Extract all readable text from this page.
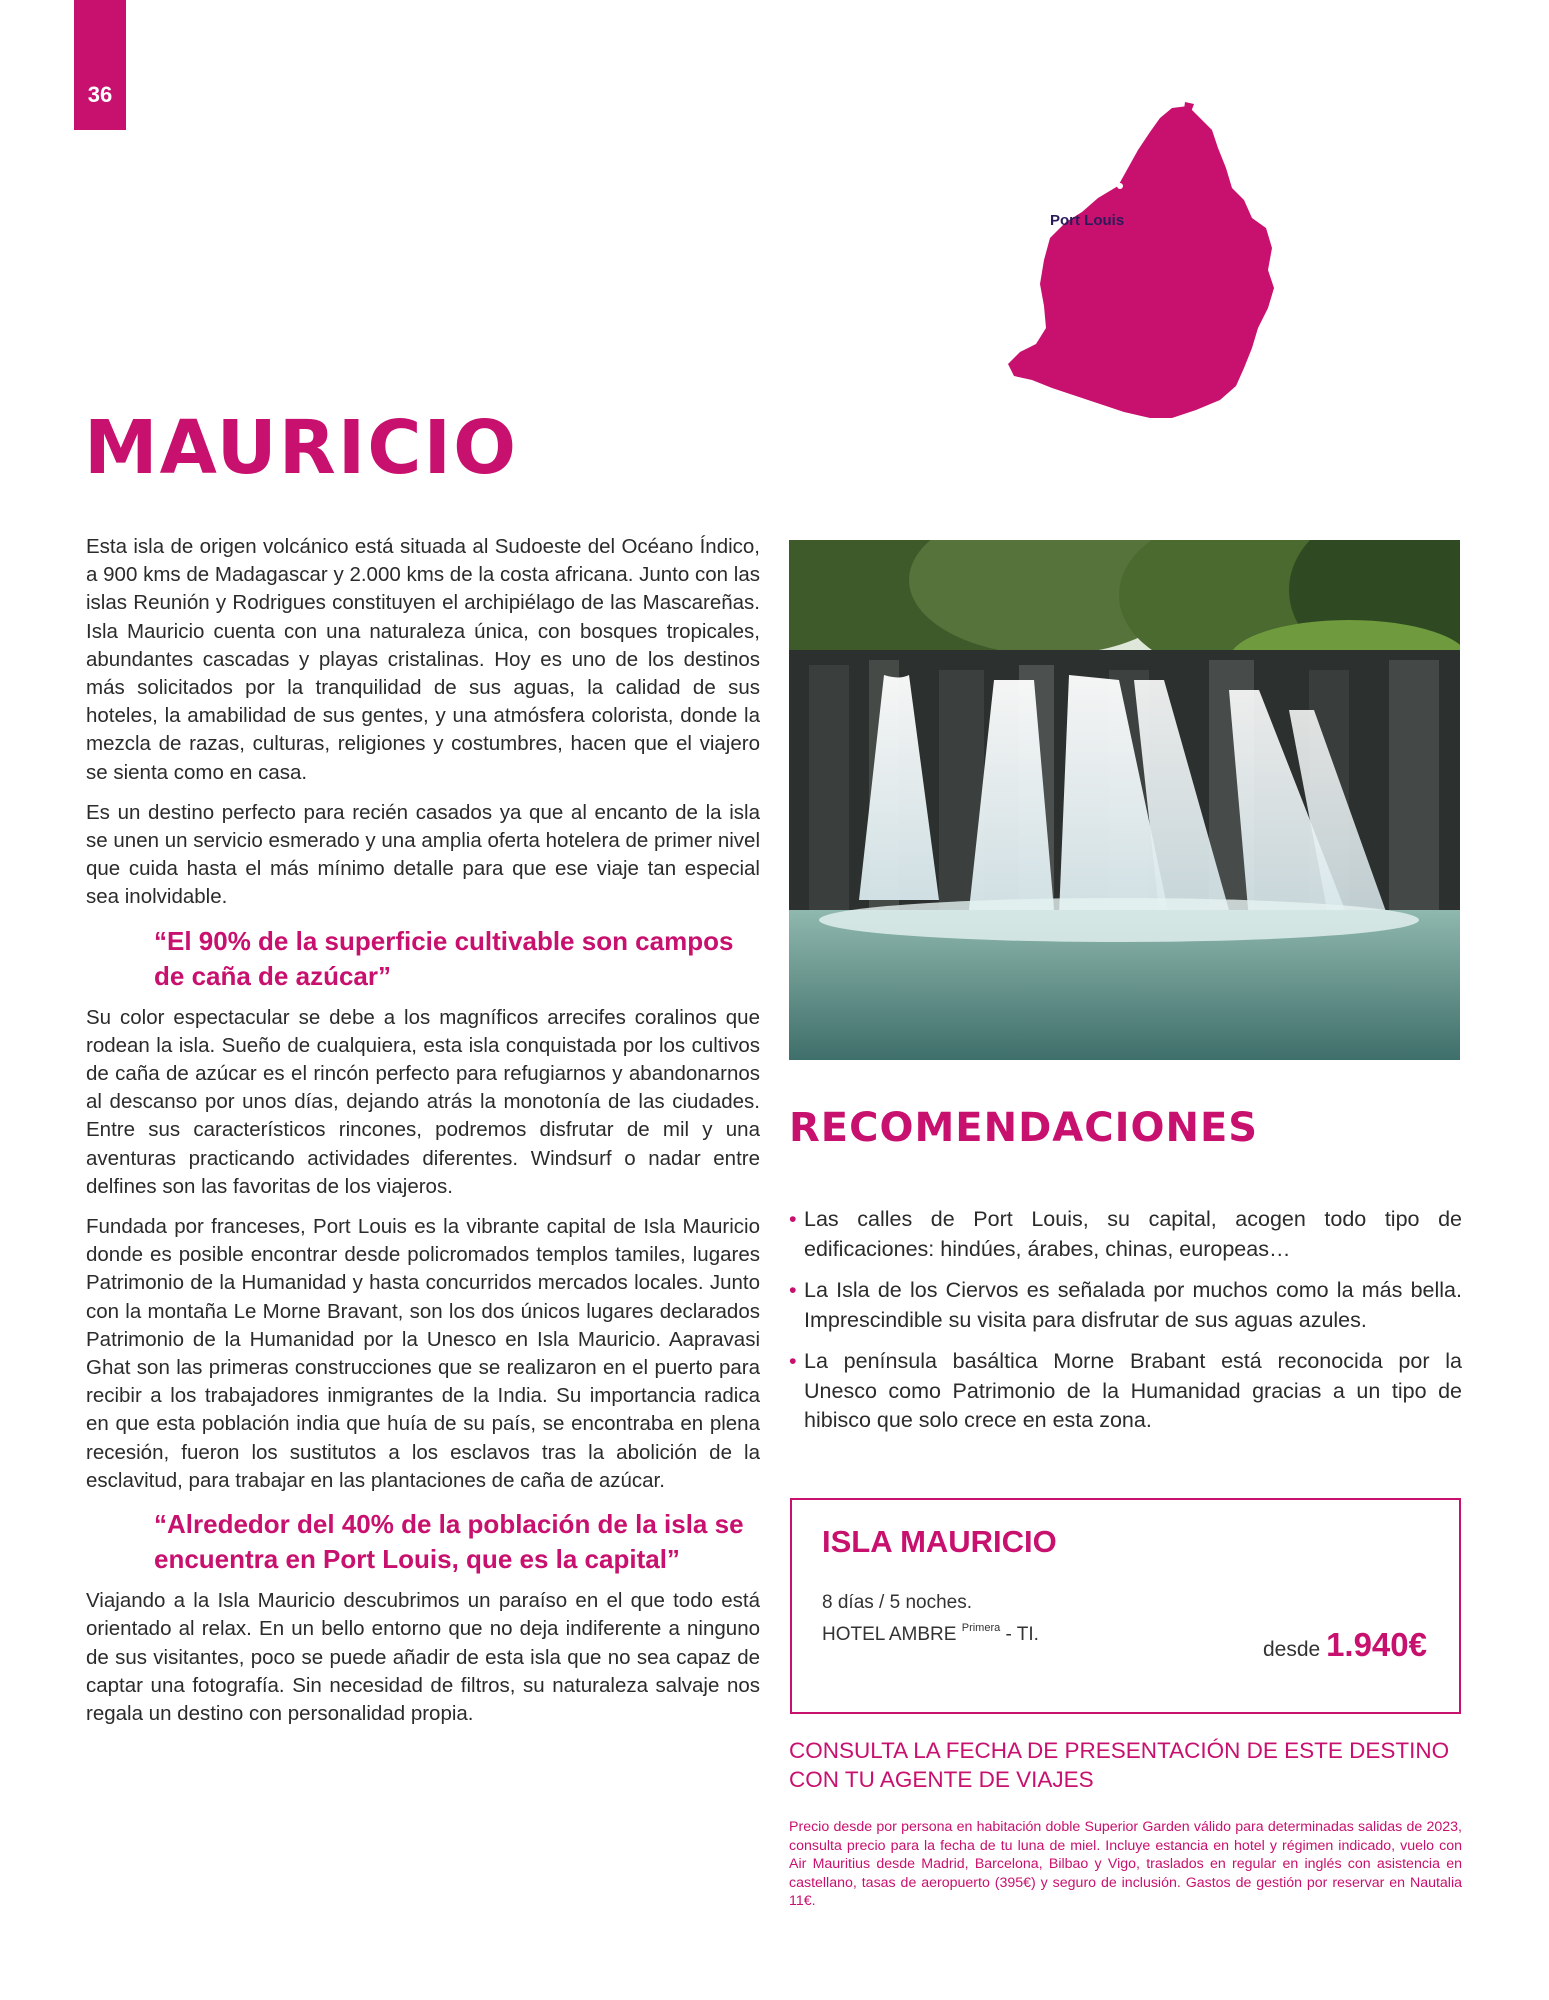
36
Port Louis
MAURICIO

Esta isla de origen volcánico está situada al Sudoeste del Océano Índico, a 900 kms de Madagascar y 2.000 kms de la costa africana. Junto con las islas Reunión y Rodrigues constituyen el archipiélago de las Mascareñas. Isla Mauricio cuenta con una naturaleza única, con bosques tropicales, abundantes cascadas y playas cristalinas. Hoy es uno de los destinos más solicitados por la tranquilidad de sus aguas, la calidad de sus hoteles, la amabilidad de sus gentes, y una atmósfera colorista, donde la mezcla de razas, culturas, religiones y costumbres, hacen que el viajero se sienta como en casa.

Es un destino perfecto para recién casados ya que al encanto de la isla se unen un servicio esmerado y una amplia oferta hotelera de primer nivel que cuida hasta el más mínimo detalle para que ese viaje tan especial sea inolvidable.

“El 90% de la superficie cultivable son campos de caña de azúcar”

Su color espectacular se debe a los magníficos arrecifes coralinos que rodean la isla. Sueño de cualquiera, esta isla conquistada por los cultivos de caña de azúcar es el rincón perfecto para refugiarnos y abandonarnos al descanso por unos días, dejando atrás la monotonía de las ciudades. Entre sus característicos rincones, podremos disfrutar de mil y una aventuras practicando actividades diferentes. Windsurf o nadar entre delfines son las favoritas de los viajeros.

Fundada por franceses, Port Louis es la vibrante capital de Isla Mauricio donde es posible encontrar desde policromados templos tamiles, lugares Patrimonio de la Humanidad y hasta concurridos mercados locales. Junto con la montaña Le Morne Bravant, son los dos únicos lugares declarados Patrimonio de la Humanidad por la Unesco en Isla Mauricio. Aapravasi Ghat son las primeras construcciones que se realizaron en el puerto para recibir a los trabajadores inmigrantes de la India. Su importancia radica en que esta población india que huía de su país, se encontraba en plena recesión, fueron los sustitutos a los esclavos tras la abolición de la esclavitud, para trabajar en las plantaciones de caña de azúcar.

“Alrededor del 40% de la población de la isla se encuentra en Port Louis, que es la capital”

Viajando a la Isla Mauricio descubrimos un paraíso en el que todo está orientado al relax. En un bello entorno que no deja indiferente a ninguno de sus visitantes, poco se puede añadir de esta isla que no sea capaz de captar una fotografía. Sin necesidad de filtros, su naturaleza salvaje nos regala un destino con personalidad propia.

RECOMENDACIONES
• Las calles de Port Louis, su capital, acogen todo tipo de edificaciones: hindúes, árabes, chinas, europeas…
• La Isla de los Ciervos es señalada por muchos como la más bella. Imprescindible su visita para disfrutar de sus aguas azules.
• La península basáltica Morne Brabant está reconocida por la Unesco como Patrimonio de la Humanidad gracias a un tipo de hibisco que solo crece en esta zona.
ISLA MAURICIO
8 días / 5 noches.
HOTEL AMBRE $^{Primera}$ - TI.
desde 1.940€
CONSULTA LA FECHA DE PRESENTACIÓN DE ESTE DESTINO CON TU AGENTE DE VIAJES
Precio desde por persona en habitación doble Superior Garden válido para determinadas salidas de 2023, consulta precio para la fecha de tu luna de miel. Incluye estancia en hotel y régimen indicado, vuelo con Air Mauritius desde Madrid, Barcelona, Bilbao y Vigo, traslados en regular en inglés con asistencia en castellano, tasas de aeropuerto (395€) y seguro de inclusión. Gastos de gestión por reservar en Nautalia 11€.
